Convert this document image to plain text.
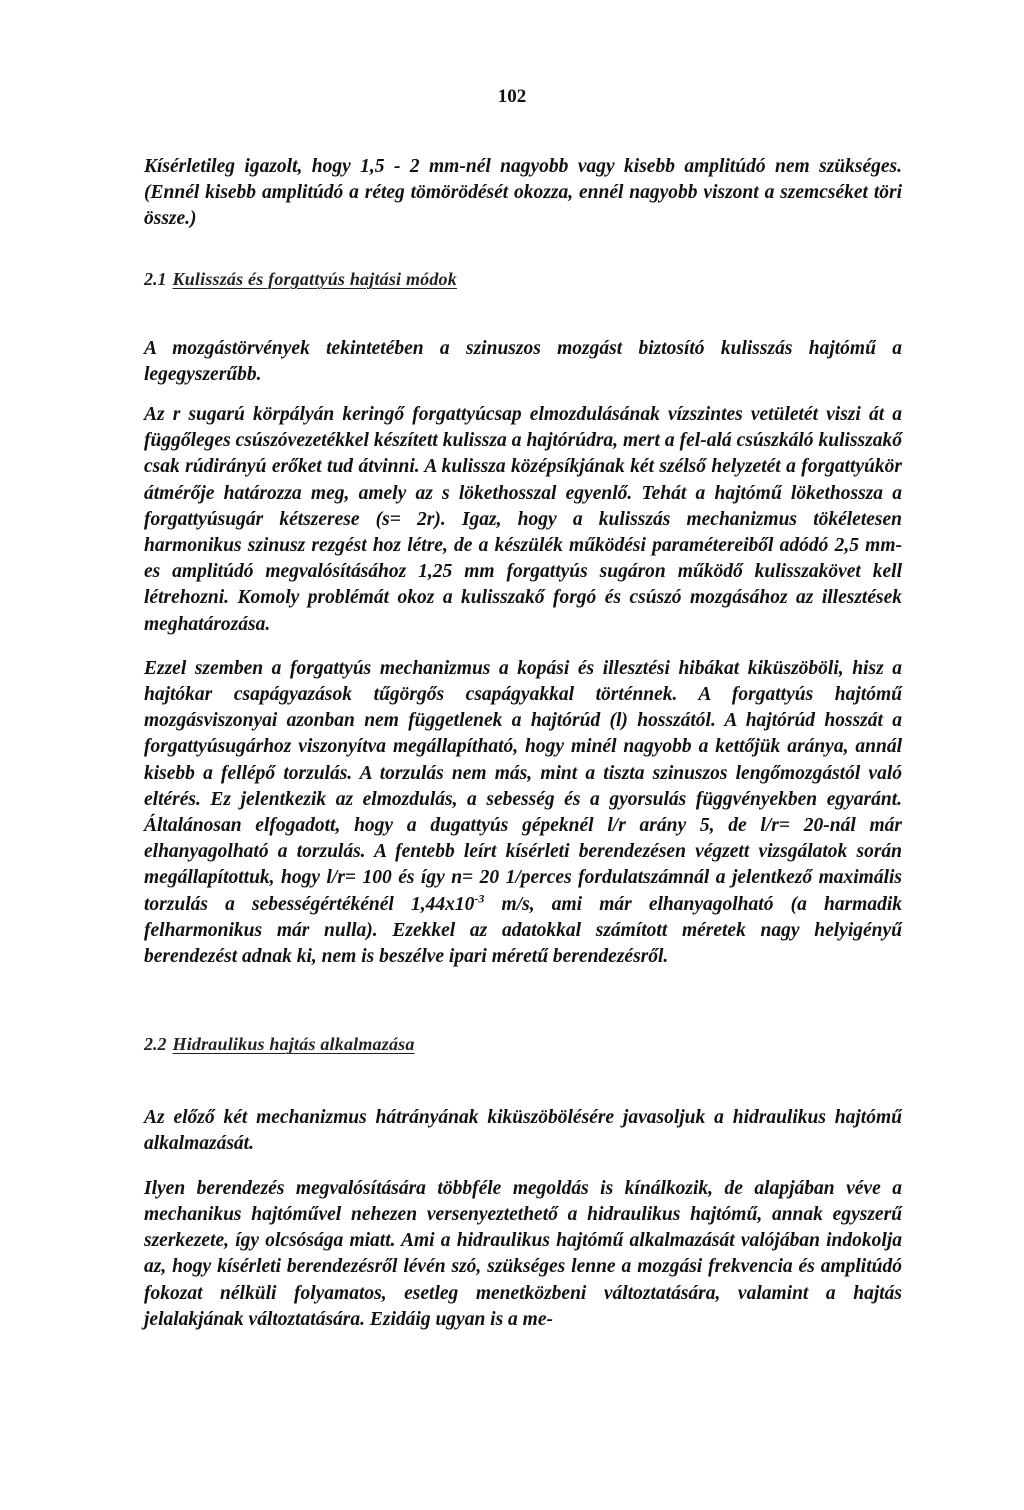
102

Kísérletileg igazolt, hogy 1,5 - 2 mm-nél nagyobb vagy kisebb amplitúdó nem szükséges. (Ennél kisebb amplitúdó a réteg tömörödését okozza, ennél nagyobb viszont a szemcséket töri össze.)

2.1 Kulisszás és forgattyús hajtási módok

A mozgástörvények tekintetében a szinuszos mozgást biztosító kulisszás hajtómű a legegyszerűbb.

Az r sugarú körpályán keringő forgattyúcsap elmozdulásának vízszintes vetületét viszi át a függőleges csúszóvezetékkel készített kulissza a hajtórúdra, mert a fel-alá csúszkáló kulisszakő csak rúdirányú erőket tud átvinni. A kulissza középsíkjának két szélső helyzetét a forgattyúkör átmérője határozza meg, amely az s lökethosszal egyenlő. Tehát a hajtómű lökethossza a forgattyúsugár kétszerese (s= 2r). Igaz, hogy a kulisszás mechanizmus tökéletesen harmonikus szinusz rezgést hoz létre, de a készülék működési paramétereiből adódó 2,5 mm-es amplitúdó megvalósításához 1,25 mm forgattyús sugáron működő kulisszakövet kell létrehozni. Komoly problémát okoz a kulisszakő forgó és csúszó mozgásához az illesztések meghatározása.

Ezzel szemben a forgattyús mechanizmus a kopási és illesztési hibákat kiküszöböli, hisz a hajtókar csapágyazások tűgörgős csapágyakkal történnek. A forgattyús hajtómű mozgásviszonyai azonban nem függetlenek a hajtórúd (l) hosszától. A hajtórúd hosszát a forgattyúsugárhoz viszonyítva megállapítható, hogy minél nagyobb a kettőjük aránya, annál kisebb a fellépő torzulás. A torzulás nem más, mint a tiszta szinuszos lengőmozgástól való eltérés. Ez jelentkezik az elmozdulás, a sebesség és a gyorsulás függvényekben egyaránt. Általánosan elfogadott, hogy a dugattyús gépeknél l/r arány 5, de l/r= 20-nál már elhanyagolható a torzulás. A fentebb leírt kísérleti berendezésen végzett vizsgálatok során megállapítottuk, hogy l/r= 100 és így n= 20 1/perces fordulatszámnál a jelentkező maximális torzulás a sebességértékénél $1,44x10^{-3}$ m/s, ami már elhanyagolható (a harmadik felharmonikus már nulla). Ezekkel az adatokkal számított méretek nagy helyigényű berendezést adnak ki, nem is beszélve ipari méretű berendezésről.

2.2 Hidraulikus hajtás alkalmazása

Az előző két mechanizmus hátrányának kiküszöbölésére javasoljuk a hidraulikus hajtómű alkalmazását.

Ilyen berendezés megvalósítására többféle megoldás is kínálkozik, de alapjában véve a mechanikus hajtóművel nehezen versenyeztethető a hidraulikus hajtómű, annak egyszerű szerkezete, így olcsósága miatt. Ami a hidraulikus hajtómű alkalmazását valójában indokolja az, hogy kísérleti berendezésről lévén szó, szükséges lenne a mozgási frekvencia és amplitúdó fokozat nélküli folyamatos, esetleg menetközbeni változtatására, valamint a hajtás jelalakjának változtatására. Ezidáig ugyan is a me-
